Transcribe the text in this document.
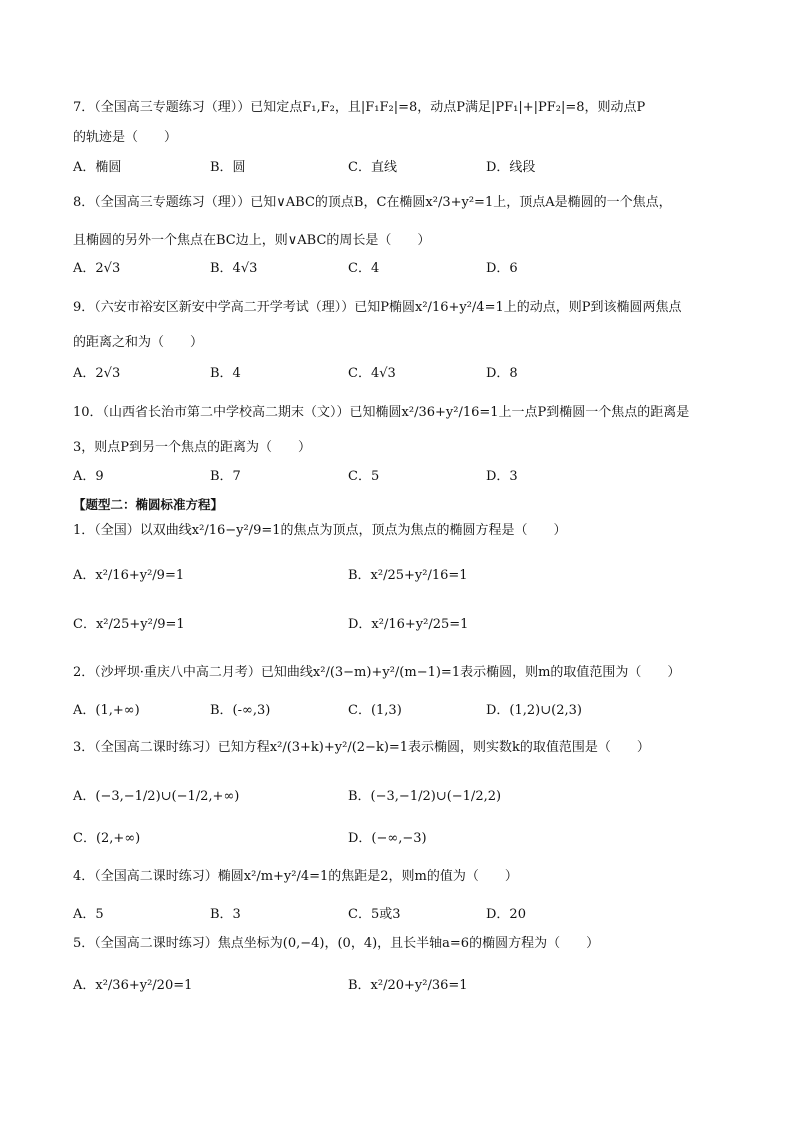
7．（全国高三专题练习（理））已知定点F₁,F₂，且|F₁F₂|=8，动点P满足|PF₁|+|PF₂|=8，则动点P
的轨迹是（　　）
A．椭圆	B．圆	C．直线	D．线段
8．（全国高三专题练习（理））已知∨ABC的顶点B，C在椭圆x²/3+y²=1上，顶点A是椭圆的一个焦点，
且椭圆的另外一个焦点在BC边上，则∨ABC的周长是（　　）
A．2√3	B．4√3	C．4	D．6
9．（六安市裕安区新安中学高二开学考试（理））已知P椭圆x²/16+y²/4=1上的动点，则P到该椭圆两焦点
的距离之和为（　　）
A．2√3	B．4	C．4√3	D．8
10．（山西省长治市第二中学校高二期末（文））已知椭圆x²/36+y²/16=1上一点P到椭圆一个焦点的距离是
3，则点P到另一个焦点的距离为（　　）
A．9	B．7	C．5	D．3
【题型二：椭圆标准方程】
1．（全国）以双曲线x²/16−y²/9=1的焦点为顶点，顶点为焦点的椭圆方程是（　　）
A．x²/16+y²/9=1	B．x²/25+y²/16=1
C．x²/25+y²/9=1	D．x²/16+y²/25=1
2．（沙坪坝·重庆八中高二月考）已知曲线x²/(3−m)+y²/(m−1)=1表示椭圆，则m的取值范围为（　　）
A．(1,+∞)	B．(-∞,3)	C．(1,3)	D．(1,2)∪(2,3)
3．（全国高二课时练习）已知方程x²/(3+k)+y²/(2−k)=1表示椭圆，则实数k的取值范围是（　　）
A．(−3,−1/2)∪(−1/2,+∞)	B．(−3,−1/2)∪(−1/2,2)
C．(2,+∞)	D．(−∞,−3)
4．（全国高二课时练习）椭圆x²/m+y²/4=1的焦距是2，则m的值为（　　）
A．5	B．3	C．5或3	D．20
5．（全国高二课时练习）焦点坐标为(0,−4)，(0，4)，且长半轴a=6的椭圆方程为（　　）
A．x²/36+y²/20=1	B．x²/20+y²/36=1
